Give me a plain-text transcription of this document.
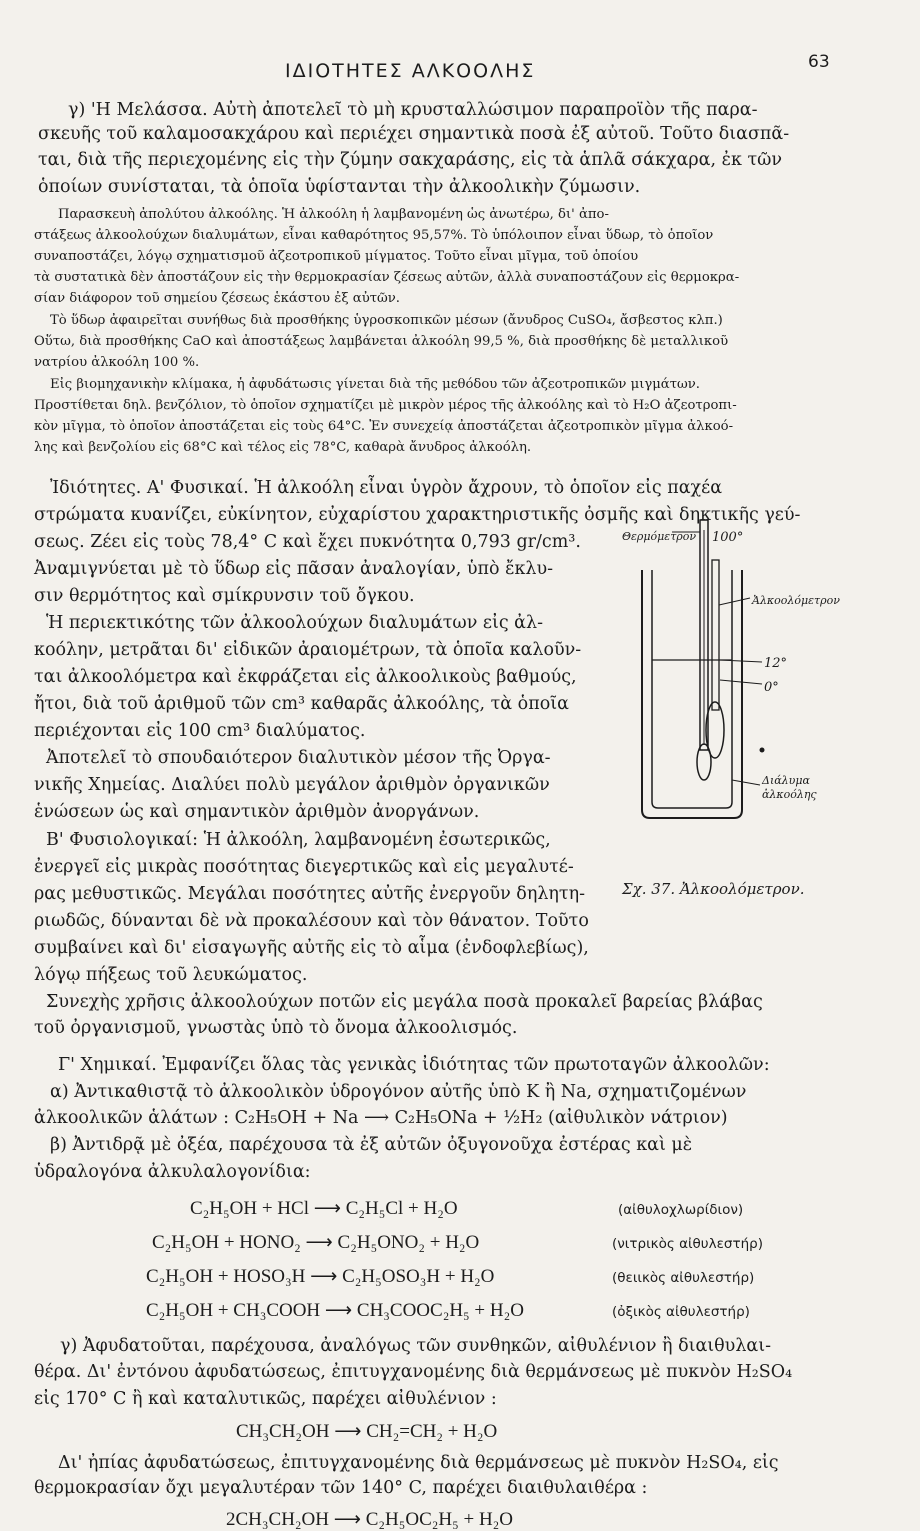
ΙΔΙΟΤΗΤΕΣ ΑΛΚΟΟΛΗΣ	63
γ) 'Η Μελάσσα. Αὐτὴ ἀποτελεῖ τὸ μὴ κρυσταλλώσιμον παραπροϊὸν τῆς παρα-
σκευῆς τοῦ καλαμοσακχάρου καὶ περιέχει σημαντικὰ ποσὰ ἐξ αὐτοῦ. Τοῦτο διασπᾶ-
ται, διὰ τῆς περιεχομένης εἰς τὴν ζύμην σακχαράσης, εἰς τὰ ἁπλᾶ σάκχαρα, ἐκ τῶν
ὁποίων συνίσταται, τὰ ὁποῖα ὑφίστανται τὴν ἀλκοολικὴν ζύμωσιν.
Παρασκευὴ ἀπολύτου ἀλκοόλης. Ἡ ἀλκοόλη ἡ λαμβανομένη ὡς ἀνωτέρω, δι' ἀπο-
στάξεως ἀλκοολούχων διαλυμάτων, εἶναι καθαρότητος 95,57%. Τὸ ὑπόλοιπον εἶναι ὕδωρ, τὸ ὁποῖον
συναποστάζει, λόγῳ σχηματισμοῦ ἀζεοτροπικοῦ μίγματος. Τοῦτο εἶναι μῖγμα, τοῦ ὁποίου
τὰ συστατικὰ δὲν ἀποστάζουν εἰς τὴν θερμοκρασίαν ζέσεως αὐτῶν, ἀλλὰ συναποστάζουν εἰς θερμοκρα-
σίαν διάφορον τοῦ σημείου ζέσεως ἑκάστου ἐξ αὐτῶν.
Τὸ ὕδωρ ἀφαιρεῖται συνήθως διὰ προσθήκης ὑγροσκοπικῶν μέσων (ἄνυδρος CuSO₄, ἄσβεστος κλπ.)
Οὕτω, διὰ προσθήκης CaO καὶ ἀποστάξεως λαμβάνεται ἀλκοόλη 99,5 %, διὰ προσθήκης δὲ μεταλλικοῦ
νατρίου ἀλκοόλη 100 %.
Εἰς βιομηχανικὴν κλίμακα, ἡ ἀφυδάτωσις γίνεται διὰ τῆς μεθόδου τῶν ἀζεοτροπικῶν μιγμάτων.
Προστίθεται δηλ. βενζόλιον, τὸ ὁποῖον σχηματίζει μὲ μικρὸν μέρος τῆς ἀλκοόλης καὶ τὸ H₂O ἀζεοτροπι-
κὸν μῖγμα, τὸ ὁποῖον ἀποστάζεται εἰς τοὺς 64°C. Ἐν συνεχείᾳ ἀποστάζεται ἀζεοτροπικὸν μῖγμα ἀλκοό-
λης καὶ βενζολίου εἰς 68°C καὶ τέλος εἰς 78°C, καθαρὰ ἄνυδρος ἀλκοόλη.
Ἰδιότητες. Α' Φυσικαί. Ἡ ἀλκοόλη εἶναι ὑγρὸν ἄχρουν, τὸ ὁποῖον εἰς παχέα
στρώματα κυανίζει, εὐκίνητον, εὐχαρίστου χαρακτηριστικῆς ὀσμῆς καὶ δηκτικῆς γεύ-
σεως. Ζέει εἰς τοὺς 78,4° C καὶ ἔχει πυκνότητα 0,793 gr/cm³.
Ἀναμιγνύεται μὲ τὸ ὕδωρ εἰς πᾶσαν ἀναλογίαν, ὑπὸ ἔκλυ-
σιν θερμότητος καὶ σμίκρυνσιν τοῦ ὄγκου.
Ἡ περιεκτικότης τῶν ἀλκοολούχων διαλυμάτων εἰς ἀλ-
κοόλην, μετρᾶται δι' εἰδικῶν ἀραιομέτρων, τὰ ὁποῖα καλοῦν-
ται ἀλκοολόμετρα καὶ ἐκφράζεται εἰς ἀλκοολικοὺς βαθμούς,
ἤτοι, διὰ τοῦ ἀριθμοῦ τῶν cm³ καθαρᾶς ἀλκοόλης, τὰ ὁποῖα
περιέχονται εἰς 100 cm³ διαλύματος.
Ἀποτελεῖ τὸ σπουδαιότερον διαλυτικὸν μέσον τῆς Ὀργα-
νικῆς Χημείας. Διαλύει πολὺ μεγάλον ἀριθμὸν ὀργανικῶν
ἑνώσεων ὡς καὶ σημαντικὸν ἀριθμὸν ἀνοργάνων.
Β' Φυσιολογικαί: Ἡ ἀλκοόλη, λαμβανομένη ἐσωτερικῶς,
ἐνεργεῖ εἰς μικρὰς ποσότητας διεγερτικῶς καὶ εἰς μεγαλυτέ-
ρας μεθυστικῶς. Μεγάλαι ποσότητες αὐτῆς ἐνεργοῦν δηλητη-
ριωδῶς, δύνανται δὲ νὰ προκαλέσουν καὶ τὸν θάνατον. Τοῦτο
συμβαίνει καὶ δι' εἰσαγωγῆς αὐτῆς εἰς τὸ αἷμα (ἐνδοφλεβίως),
λόγῳ πήξεως τοῦ λευκώματος.
Συνεχὴς χρῆσις ἀλκοολούχων ποτῶν εἰς μεγάλα ποσὰ προκαλεῖ βαρείας βλάβας
τοῦ ὀργανισμοῦ, γνωστὰς ὑπὸ τὸ ὄνομα ἀλκοολισμός.
Γ' Χημικαί. Ἐμφανίζει ὅλας τὰς γενικὰς ἰδιότητας τῶν πρωτοταγῶν ἀλκοολῶν:
α) Ἀντικαθιστᾷ τὸ ἀλκοολικὸν ὑδρογόνον αὐτῆς ὑπὸ K ἢ Na, σχηματιζομένων
ἀλκοολικῶν ἁλάτων : C₂H₅OH + Na ⟶ C₂H₅ONa + ½H₂ (αἰθυλικὸν νάτριον)
β) Ἀντιδρᾷ μὲ ὀξέα, παρέχουσα τὰ ἐξ αὐτῶν ὀξυγονοῦχα ἐστέρας καὶ μὲ
ὑδραλογόνα ἀλκυλαλογονίδια:
C₂H₅OH + HCl ⟶ C₂H₅Cl + H₂O	(αἰθυλοχλωρίδιον)
C₂H₅OH + HONO₂ ⟶ C₂H₅ONO₂ + H₂O	(νιτρικὸς αἰθυλεστήρ)
C₂H₅OH + HOSO₃H ⟶ C₂H₅OSO₃H + H₂O	(θειικὸς αἰθυλεστήρ)
C₂H₅OH + CH₃COOH ⟶ CH₃COOC₂H₅ + H₂O	(ὀξικὸς αἰθυλεστήρ)
γ) Ἀφυδατοῦται, παρέχουσα, ἀναλόγως τῶν συνθηκῶν, αἰθυλένιον ἢ διαιθυλαι-
θέρα. Δι' ἐντόνου ἀφυδατώσεως, ἐπιτυγχανομένης διὰ θερμάνσεως μὲ πυκνὸν H₂SO₄
εἰς 170° C ἢ καὶ καταλυτικῶς, παρέχει αἰθυλένιον :
CH₃CH₂OH ⟶ CH₂=CH₂ + H₂O
Δι' ἠπίας ἀφυδατώσεως, ἐπιτυγχανομένης διὰ θερμάνσεως μὲ πυκνὸν H₂SO₄, εἰς
θερμοκρασίαν ὄχι μεγαλυτέραν τῶν 140° C, παρέχει διαιθυλαιθέρα :
2CH₃CH₂OH ⟶ C₂H₅OC₂H₅ + H₂O
Θερμόμετρον 100°
Ἀλκοολόμετρον
12°
0°
Διάλυμα
ἀλκοόλης
Σχ. 37. Ἀλκοολόμετρον.
